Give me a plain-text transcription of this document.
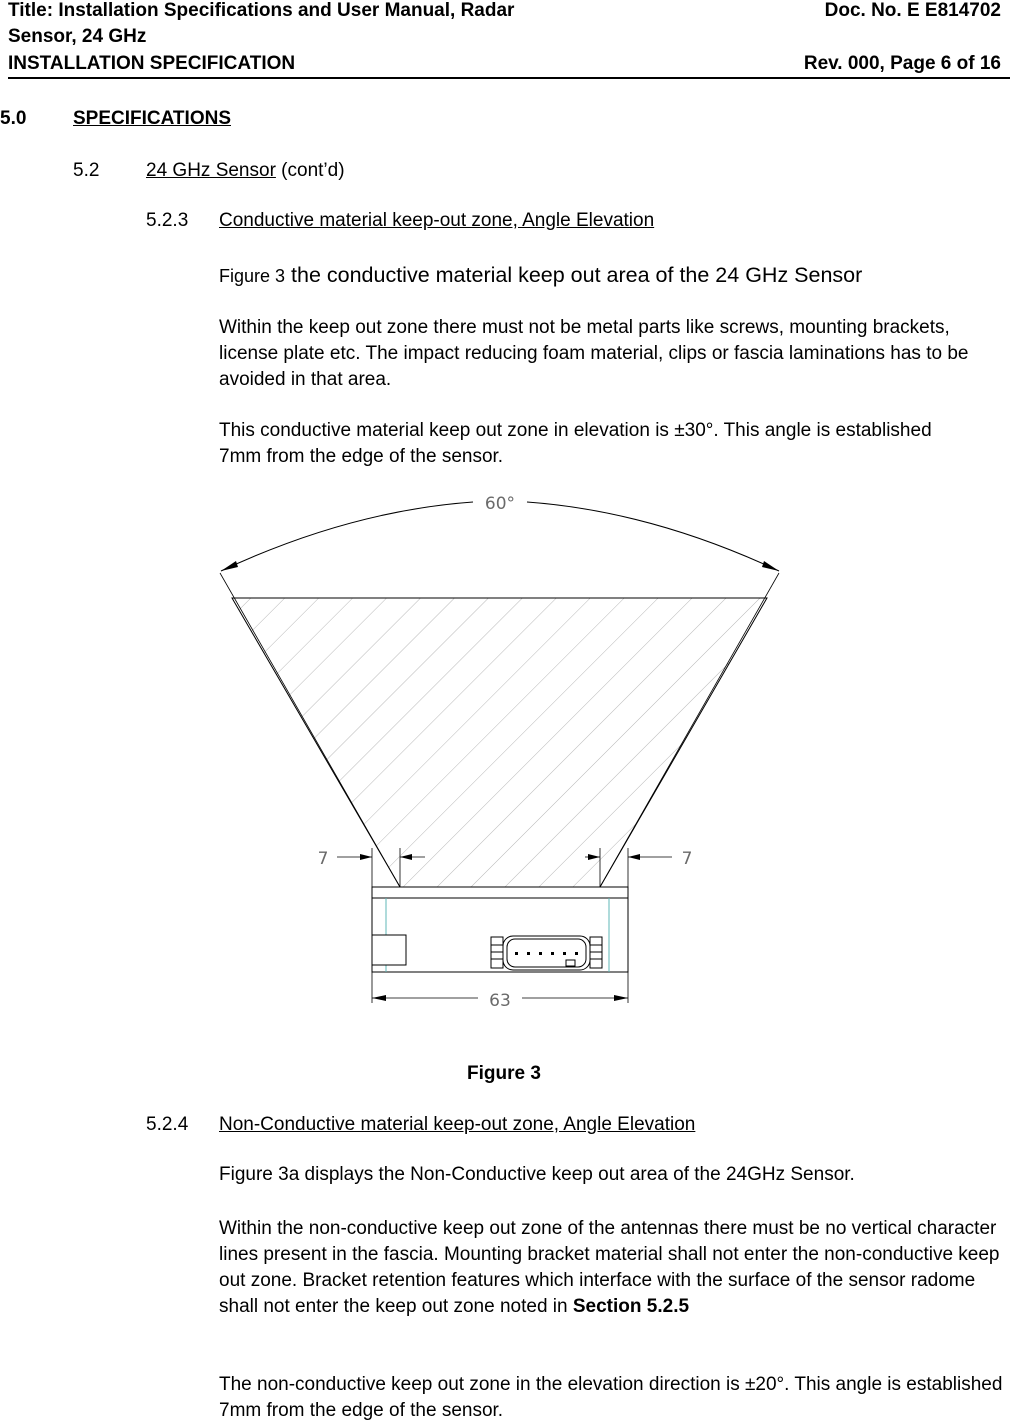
Title: Installation Specifications and User Manual, Radar
Sensor, 24 GHz
Doc. No. E E814702
INSTALLATION SPECIFICATION	Rev. 000, Page 6 of 16
5.0 SPECIFICATIONS
5.2 24 GHz Sensor (cont’d)
5.2.3 Conductive material keep-out zone, Angle Elevation
Figure 3 the conductive material keep out area of the 24 GHz Sensor
Within the keep out zone there must not be metal parts like screws, mounting brackets, license plate etc. The impact reducing foam material, clips or fascia laminations has to be avoided in that area.
This conductive material keep out zone in elevation is ±30°. This angle is established 7mm from the edge of the sensor.
60°
7	7
63
Figure 3
5.2.4 Non-Conductive material keep-out zone, Angle Elevation
Figure 3a displays the Non-Conductive keep out area of the 24GHz Sensor.
Within the non-conductive keep out zone of the antennas there must be no vertical character lines present in the fascia. Mounting bracket material shall not enter the non-conductive keep out zone. Bracket retention features which interface with the surface of the sensor radome shall not enter the keep out zone noted in Section 5.2.5
The non-conductive keep out zone in the elevation direction is ±20°. This angle is established 7mm from the edge of the sensor.
